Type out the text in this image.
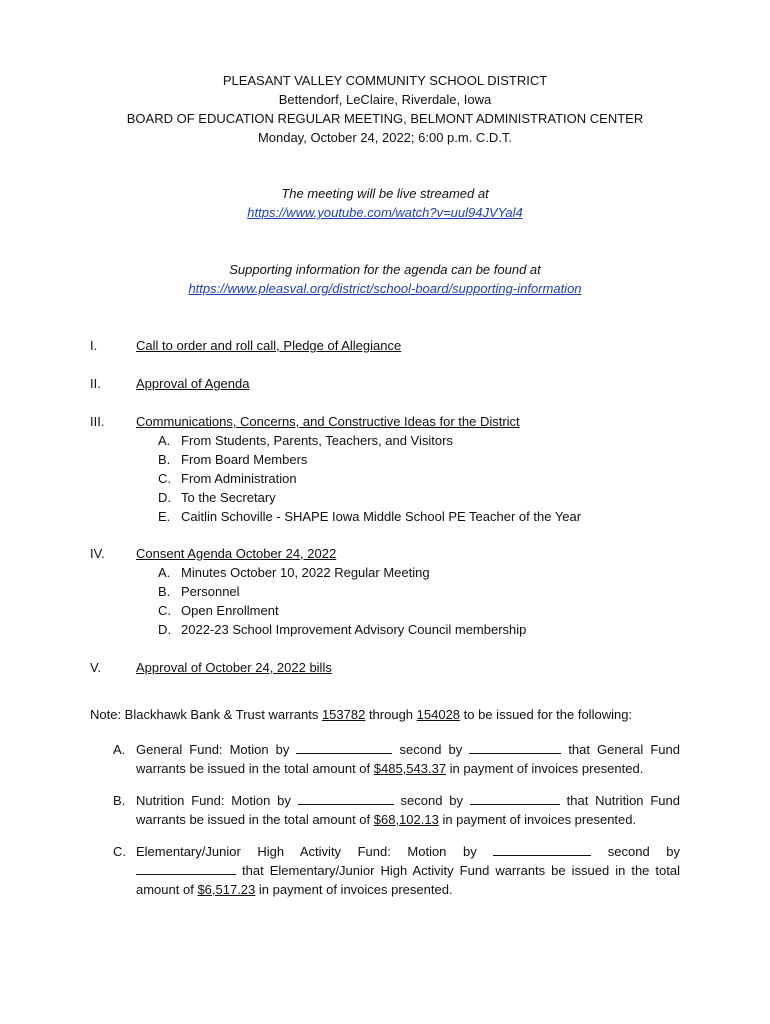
PLEASANT VALLEY COMMUNITY SCHOOL DISTRICT
Bettendorf, LeClaire, Riverdale, Iowa
BOARD OF EDUCATION REGULAR MEETING, BELMONT ADMINISTRATION CENTER
Monday, October 24, 2022; 6:00 p.m. C.D.T.
The meeting will be live streamed at
https://www.youtube.com/watch?v=uul94JVYal4
Supporting information for the agenda can be found at
https://www.pleasval.org/district/school-board/supporting-information
I.	Call to order and roll call, Pledge of Allegiance
II.	Approval of Agenda
III. Communications, Concerns, and Constructive Ideas for the District
A. From Students, Parents, Teachers, and Visitors
B. From Board Members
C. From Administration
D. To the Secretary
E. Caitlin Schoville - SHAPE Iowa Middle School PE Teacher of the Year
IV. Consent Agenda October 24, 2022
A. Minutes October 10, 2022 Regular Meeting
B. Personnel
C. Open Enrollment
D. 2022-23 School Improvement Advisory Council membership
V.	Approval of October 24, 2022 bills
Note: Blackhawk Bank & Trust warrants 153782 through 154028 to be issued for the following:
A. General Fund: Motion by	second by	that General Fund
warrants be issued in the total amount of $485,543.37 in payment of invoices presented.
B. Nutrition Fund: Motion by	second by	that Nutrition Fund
warrants be issued in the total amount of $68,102.13 in payment of invoices presented.
C. Elementary/Junior High Activity Fund: Motion by	second by
that Elementary/Junior High Activity Fund warrants be issued in the total
amount of $6,517.23 in payment of invoices presented.
